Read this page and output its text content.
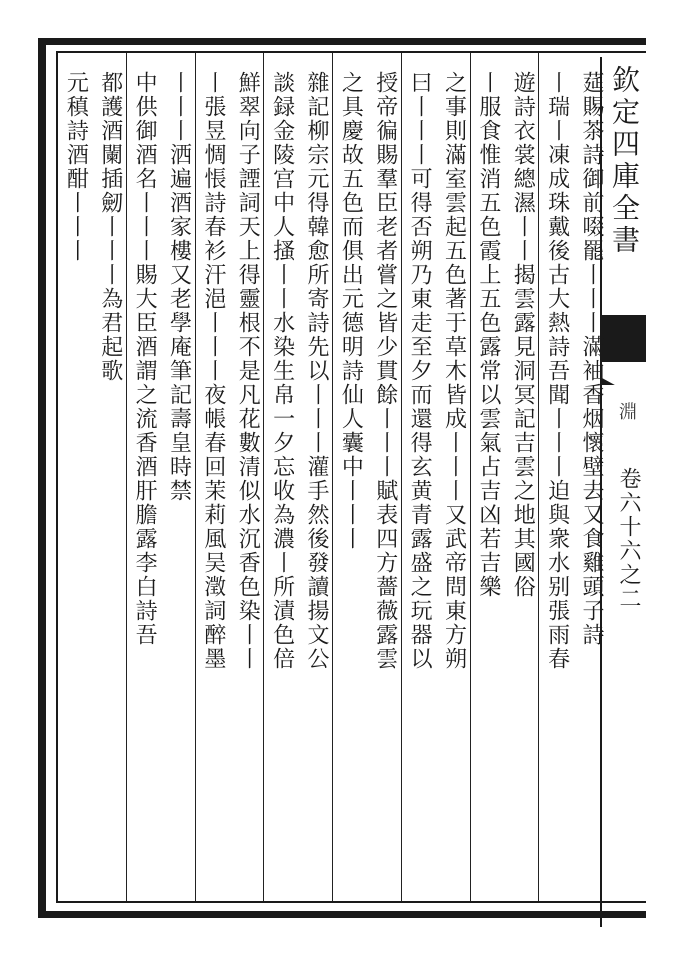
欽定四庫全書
淵
卷六十六之二
莚賜茶詩御前啜罷丨丨丨滿袖香烟懷壁去又食雞頭子詩
丨瑞丨凍成珠戴後古大熱詩吾聞丨丨丨迫與衆水别張雨春
遊詩衣裳總濕丨丨揭雲露見洞冥記吉雲之地其國俗
丨服食惟消五色霞上五色露常以雲氣占吉凶若吉樂
之事則滿室雲起五色著于草木皆成丨丨丨又武帝問東方朔
曰丨丨丨可得否朔乃東走至夕而還得玄黄青露盛之玩器以
授帝徧賜羣臣老者嘗之皆少貫餘丨丨丨賦表四方薔薇露雲
之具慶故五色而俱出元德明詩仙人囊中丨丨丨
雜記柳宗元得韓愈所寄詩先以丨丨丨灌手然後發讀揚文公
談録金陵宫中人搔丨丨水染生帛一夕忘收為濃丨所漬色倍
鮮翠向子諲詞天上得靈根不是凡花數清似水沉香色染丨丨
丨張昱惆悵詩春衫汗浥丨丨丨夜帳春回茉莉風吴澂詞醉墨
丨丨丨洒遍酒家樓又老學庵筆記壽皇時禁
中供御酒名丨丨丨賜大臣酒謂之流香酒肝膽露李白詩吾
都護酒闌插劒丨丨丨為君起歌
元稹詩酒酣丨丨丨
